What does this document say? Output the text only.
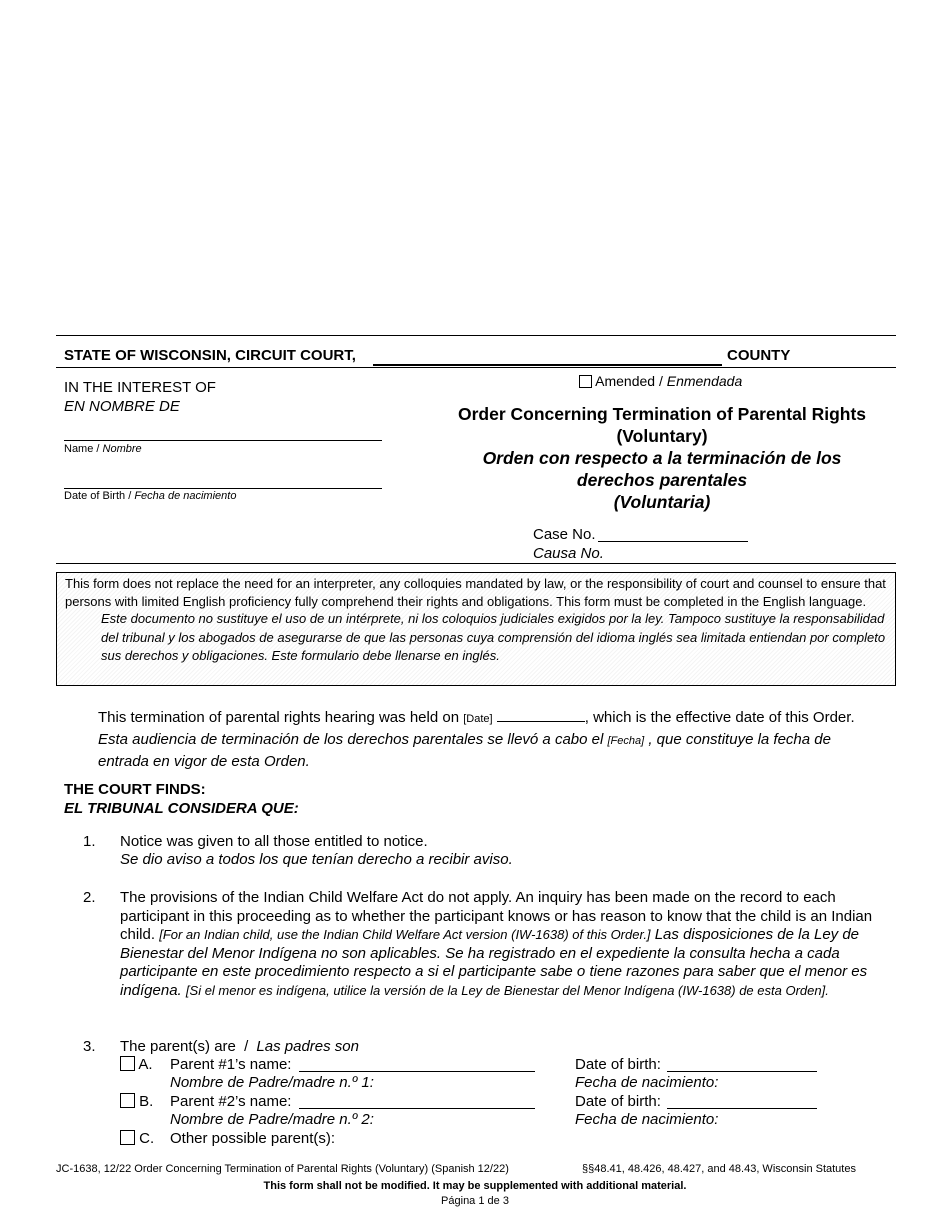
STATE OF WISCONSIN, CIRCUIT COURT,	COUNTY
IN THE INTEREST OF
EN NOMBRE DE
Name / Nombre
Date of Birth / Fecha de nacimiento
Amended / Enmendada
Order Concerning Termination of Parental Rights
(Voluntary)
Orden con respecto a la terminación de los
derechos parentales
(Voluntaria)
Case No.
Causa No.
This form does not replace the need for an interpreter, any colloquies mandated by law, or the responsibility of court and counsel to ensure that persons with limited English proficiency fully comprehend their rights and obligations. This form must be completed in the English language.
Este documento no sustituye el uso de un intérprete, ni los coloquios judiciales exigidos por la ley. Tampoco sustituye la responsabilidad del tribunal y los abogados de asegurarse de que las personas cuya comprensión del idioma inglés sea limitada entiendan por completo sus derechos y obligaciones. Este formulario debe llenarse en inglés.
This termination of parental rights hearing was held on [Date]	, which is the effective date of this Order.
Esta audiencia de terminación de los derechos parentales se llevó a cabo el [Fecha] , que constituye la fecha de
entrada en vigor de esta Orden.
THE COURT FINDS:
EL TRIBUNAL CONSIDERA QUE:
1. Notice was given to all those entitled to notice.
Se dio aviso a todos los que tenían derecho a recibir aviso.
2. The provisions of the Indian Child Welfare Act do not apply. An inquiry has been made on the record to each participant in this proceeding as to whether the participant knows or has reason to know that the child is an Indian child. [For an Indian child, use the Indian Child Welfare Act version (IW-1638) of this Order.] Las disposiciones de la Ley de Bienestar del Menor Indígena no son aplicables. Se ha registrado en el expediente la consulta hecha a cada participante en este procedimiento respecto a si el participante sabe o tiene razones para saber que el menor es indígena. [Si el menor es indígena, utilice la versión de la Ley de Bienestar del Menor Indígena (IW-1638) de esta Orden].
3. The parent(s) are / Las padres son
A. Parent #1’s name:
Nombre de Padre/madre n.º 1:
Date of birth:
Fecha de nacimiento:
B. Parent #2’s name:
Nombre de Padre/madre n.º 2:
Date of birth:
Fecha de nacimiento:
C. Other possible parent(s):
JC-1638, 12/22 Order Concerning Termination of Parental Rights (Voluntary) (Spanish 12/22)	§§48.41, 48.426, 48.427, and 48.43, Wisconsin Statutes
This form shall not be modified. It may be supplemented with additional material.
Página 1 de 3
